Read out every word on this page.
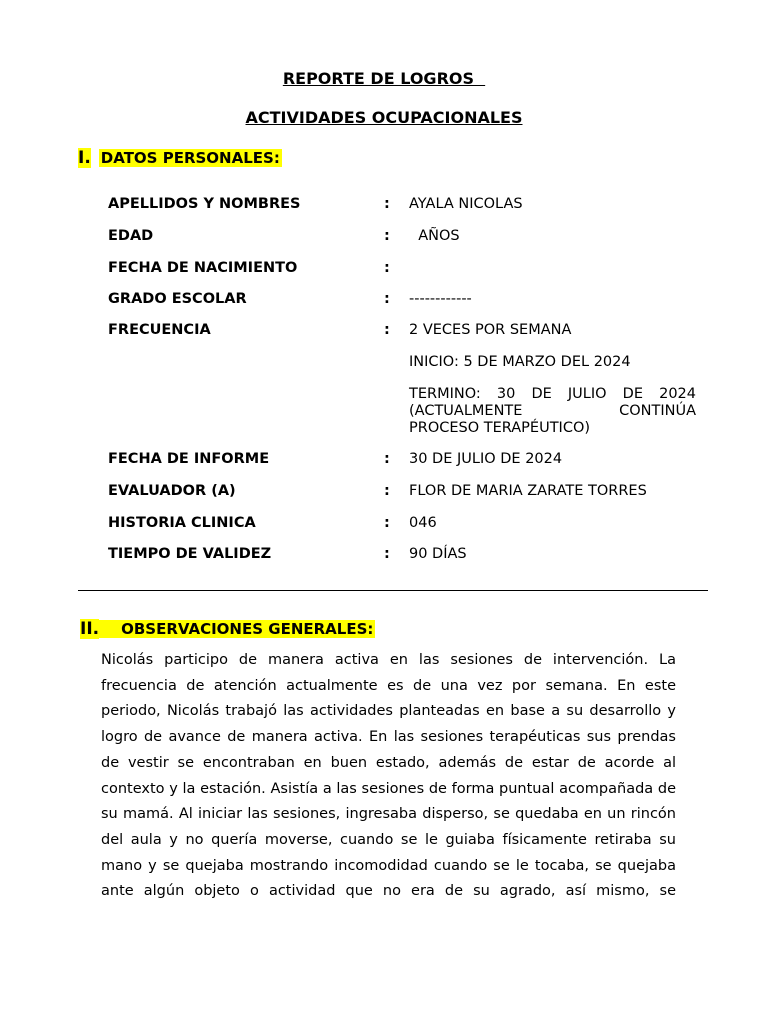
REPORTE DE LOGROS
ACTIVIDADES OCUPACIONALES
I. DATOS PERSONALES:
APELLIDOS Y NOMBRES	: AYALA NICOLAS
EDAD	: AÑOS
FECHA DE NACIMIENTO	:
GRADO ESCOLAR	: ------------
FRECUENCIA	: 2 VECES POR SEMANA
INICIO: 5 DE MARZO DEL 2024
TERMINO: 30 DE JULIO DE 2024
(ACTUALMENTE CONTINÚA
PROCESO TERAPÉUTICO)
FECHA DE INFORME	: 30 DE JULIO DE 2024
EVALUADOR (A)	: FLOR DE MARIA ZARATE TORRES
HISTORIA CLINICA	: 046
TIEMPO DE VALIDEZ	: 90 DÍAS
II. OBSERVACIONES GENERALES:
Nicolás participo de manera activa en las sesiones de intervención. La frecuencia de atención actualmente es de una vez por semana. En este periodo, Nicolás trabajó las actividades planteadas en base a su desarrollo y logro de avance de manera activa. En las sesiones terapéuticas sus prendas de vestir se encontraban en buen estado, además de estar de acorde al contexto y la estación. Asistía a las sesiones de forma puntual acompañada de su mamá. Al iniciar las sesiones, ingresaba disperso, se quedaba en un rincón del aula y no quería moverse, cuando se le guiaba físicamente retiraba su mano y se quejaba mostrando incomodidad cuando se le tocaba, se quejaba ante algún objeto o actividad que no era de su agrado, así mismo, se
